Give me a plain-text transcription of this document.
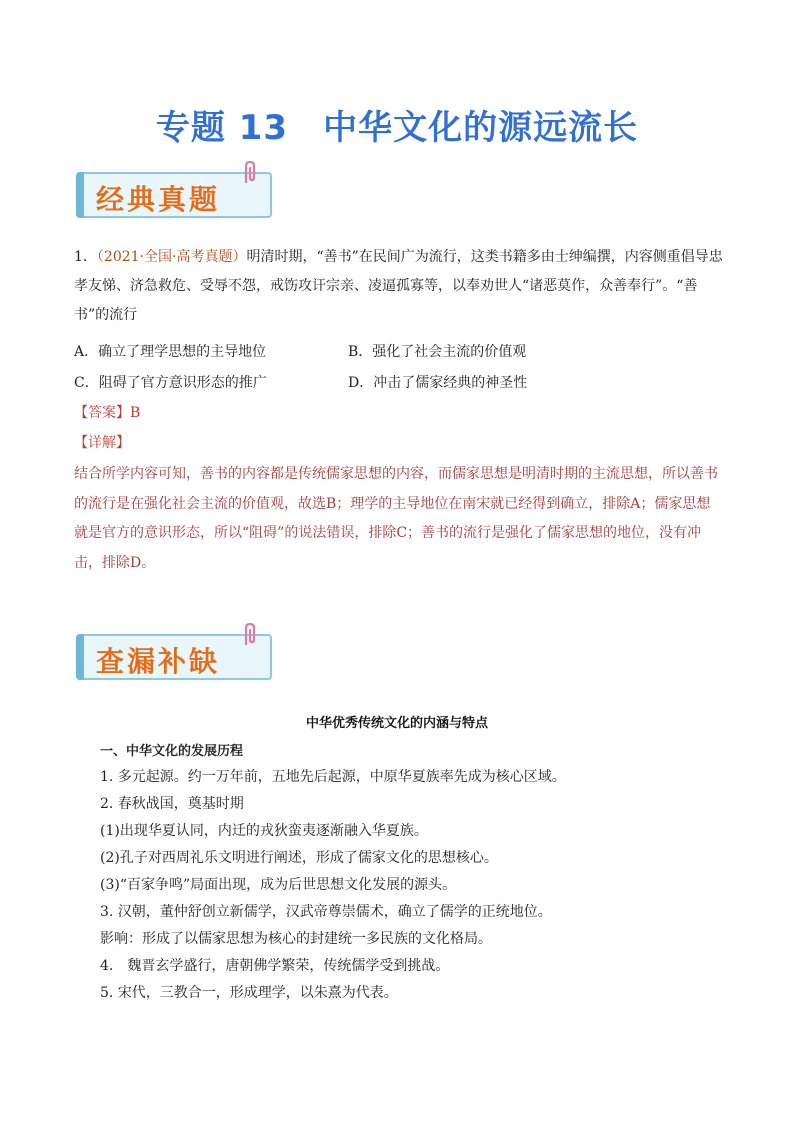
专题 13　中华文化的源远流长
经典真题
1．（2021·全国·高考真题）明清时期，“善书”在民间广为流行，这类书籍多由士绅编撰，内容侧重倡导忠孝友悌、济急救危、受辱不怨，戒饬攻讦宗亲、凌逼孤寡等，以奉劝世人“诸恶莫作，众善奉行”。“善书”的流行
A．确立了理学思想的主导地位	B．强化了社会主流的价值观
C．阻碍了官方意识形态的推广	D．冲击了儒家经典的神圣性
【答案】B
【详解】
结合所学内容可知，善书的内容都是传统儒家思想的内容，而儒家思想是明清时期的主流思想，所以善书的流行是在强化社会主流的价值观，故选B；理学的主导地位在南宋就已经得到确立，排除A；儒家思想就是官方的意识形态，所以“阻碍”的说法错误，排除C；善书的流行是强化了儒家思想的地位，没有冲击，排除D。
查漏补缺
中华优秀传统文化的内涵与特点
一、中华文化的发展历程
1. 多元起源。约一万年前，五地先后起源，中原华夏族率先成为核心区域。
2. 春秋战国，奠基时期
(1)出现华夏认同，内迁的戎狄蛮夷逐渐融入华夏族。
(2)孔子对西周礼乐文明进行阐述，形成了儒家文化的思想核心。
(3)“百家争鸣”局面出现，成为后世思想文化发展的源头。
3. 汉朝，董仲舒创立新儒学，汉武帝尊崇儒术，确立了儒学的正统地位。
影响：形成了以儒家思想为核心的封建统一多民族的文化格局。
4.　魏晋玄学盛行，唐朝佛学繁荣，传统儒学受到挑战。
5. 宋代，三教合一，形成理学，以朱熹为代表。
